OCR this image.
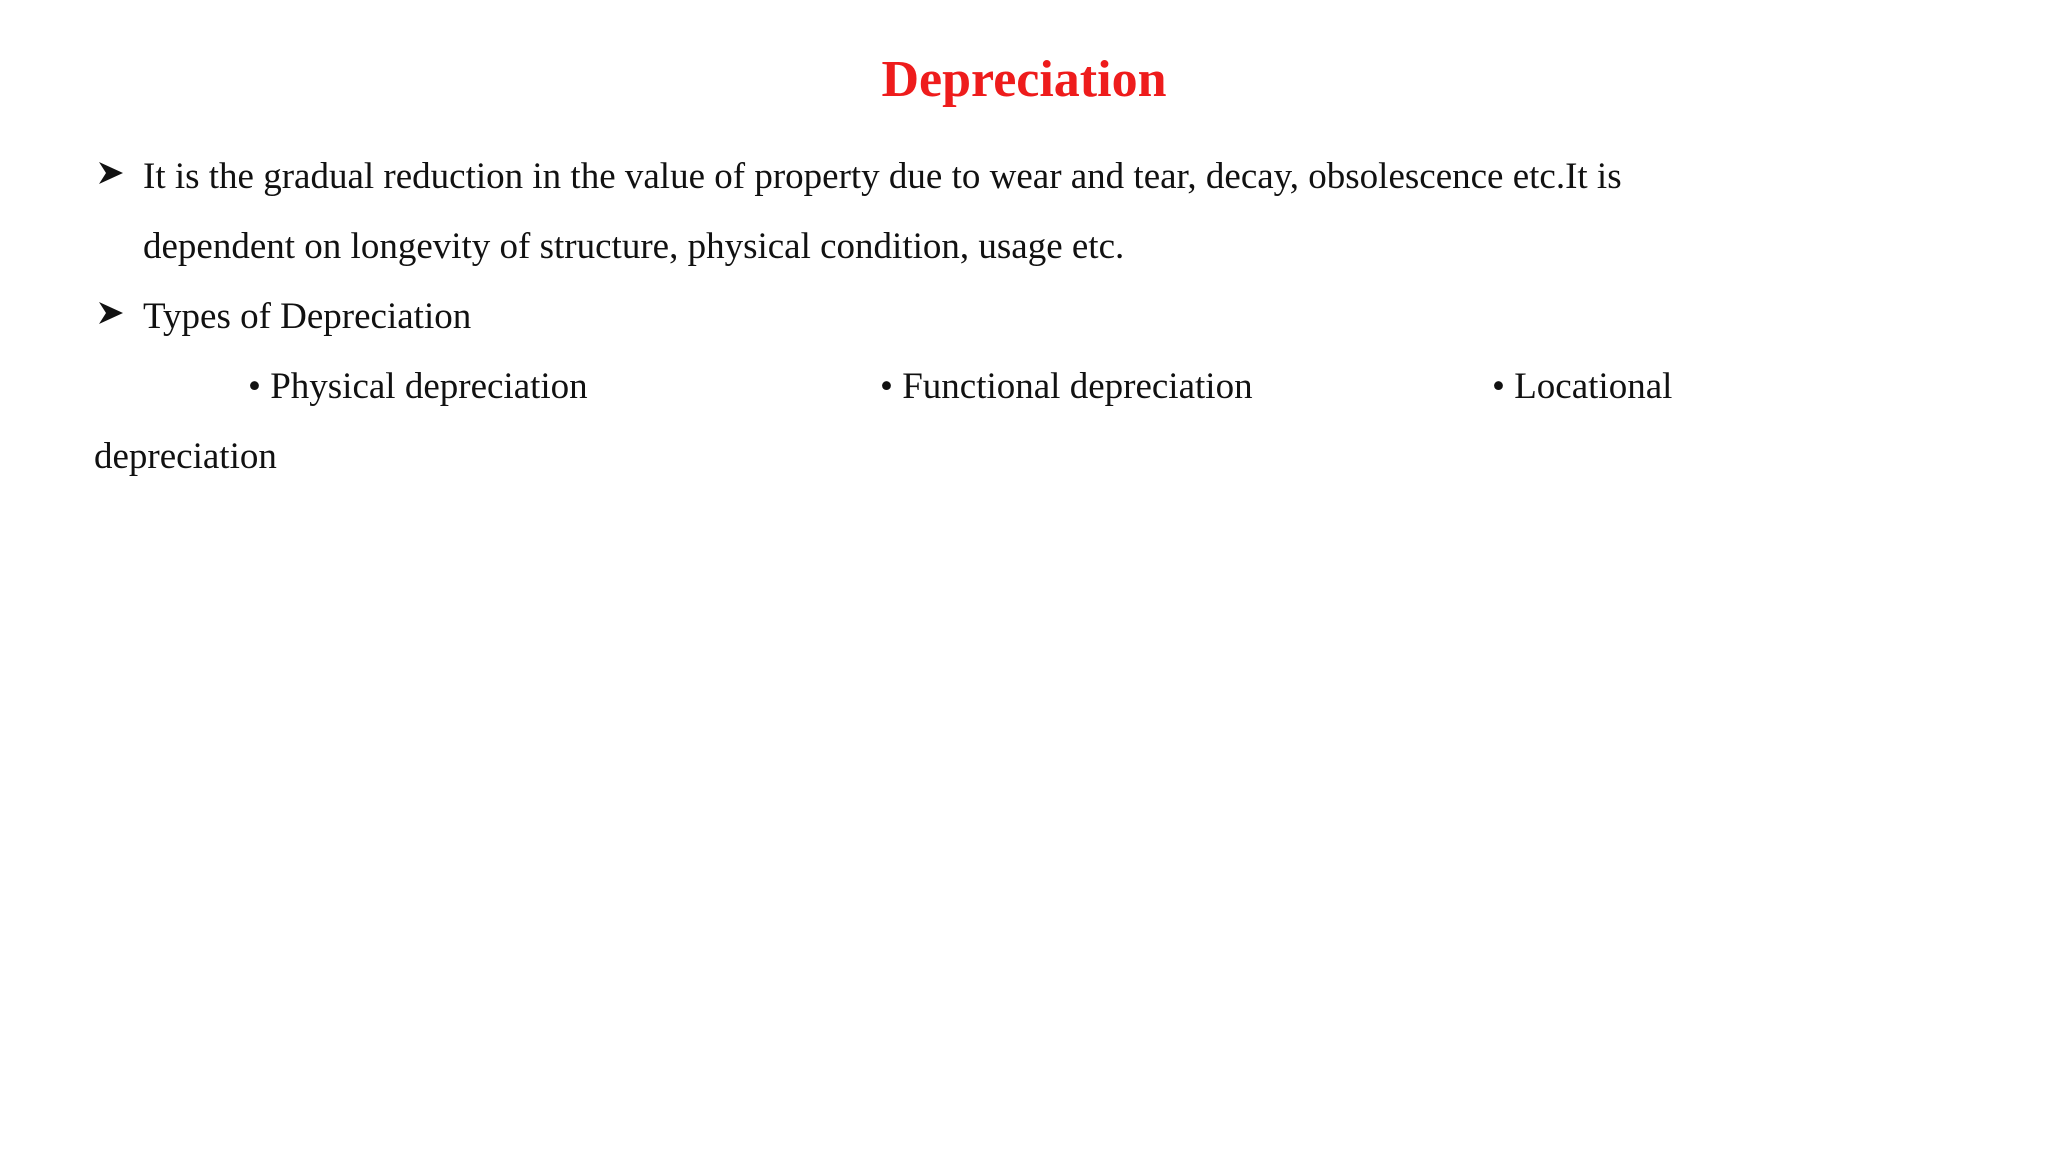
Depreciation

It is the gradual reduction in the value of property due to wear and tear, decay, obsolescence etc.It is

dependent on longevity of structure, physical condition, usage etc.

Types of Depreciation

• Physical depreciation	• Functional depreciation	• Locational

depreciation
